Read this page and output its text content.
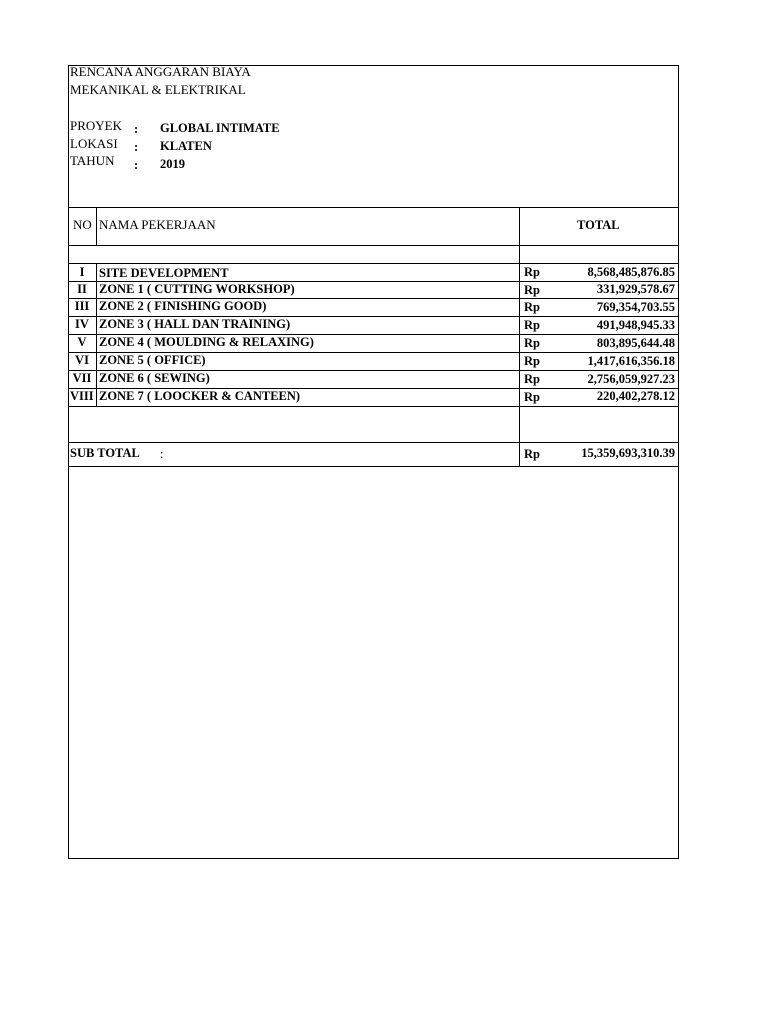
RENCANA ANGGARAN BIAYA
MEKANIKAL & ELEKTRIKAL
PROYEK : GLOBAL INTIMATE
LOKASI : KLATEN
TAHUN : 2019
NO NAMA PEKERJAAN	TOTAL
I	SITE DEVELOPMENT	Rp	8,568,485,876.85
II ZONE 1 ( CUTTING WORKSHOP)	Rp	331,929,578.67
III ZONE 2 ( FINISHING GOOD)	Rp	769,354,703.55
IV ZONE 3 ( HALL DAN TRAINING)	Rp	491,948,945.33
V ZONE 4 ( MOULDING & RELAXING)	Rp	803,895,644.48
VI ZONE 5 ( OFFICE)	Rp	1,417,616,356.18
VII ZONE 6 ( SEWING)	Rp	2,756,059,927.23
VIII ZONE 7 ( LOOCKER & CANTEEN)	Rp	220,402,278.12
SUB TOTAL :	Rp	15,359,693,310.39
